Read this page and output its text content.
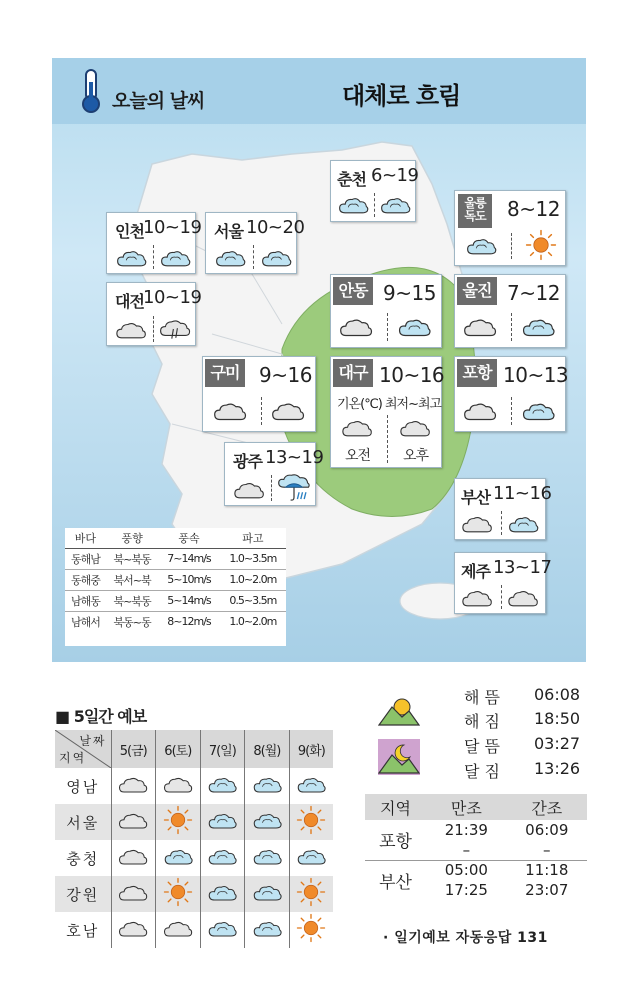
오늘의 날씨	대체로 흐림
춘천 6~19
울릉
독도	8~12
인천 10~19 서울 10~20
대전 10~19	안동 9~15	울진 7~12
구미 9~16	대구 10~16
기온(℃) 최저~최고
오전 오후
포항 10~13
광주 13~19
부산 11~16
제주 13~17
바다	풍향	풍속	파고
동해남	북~북동	7~14m/s	1.0~3.5m
동해중	북서~북	5~10m/s	1.0~2.0m
남해동	북~북동	5~14m/s	0.5~3.5m
남해서	북동~동	8~12m/s	1.0~2.0m
■ 5일간 예보
날짜
지역	5(금)	6(토)	7(일)	8(월)	9(화)
영남					
서울					
충청					
강원					
호남					
해 뜸 06:08
해 짐 18:50
달 뜸 03:27
달 짐 13:26
지역	만조	간조
포항	21:39	06:09
	–	–
부산	05:00	11:18
	17:25	23:07
· 일기예보 자동응답 131
